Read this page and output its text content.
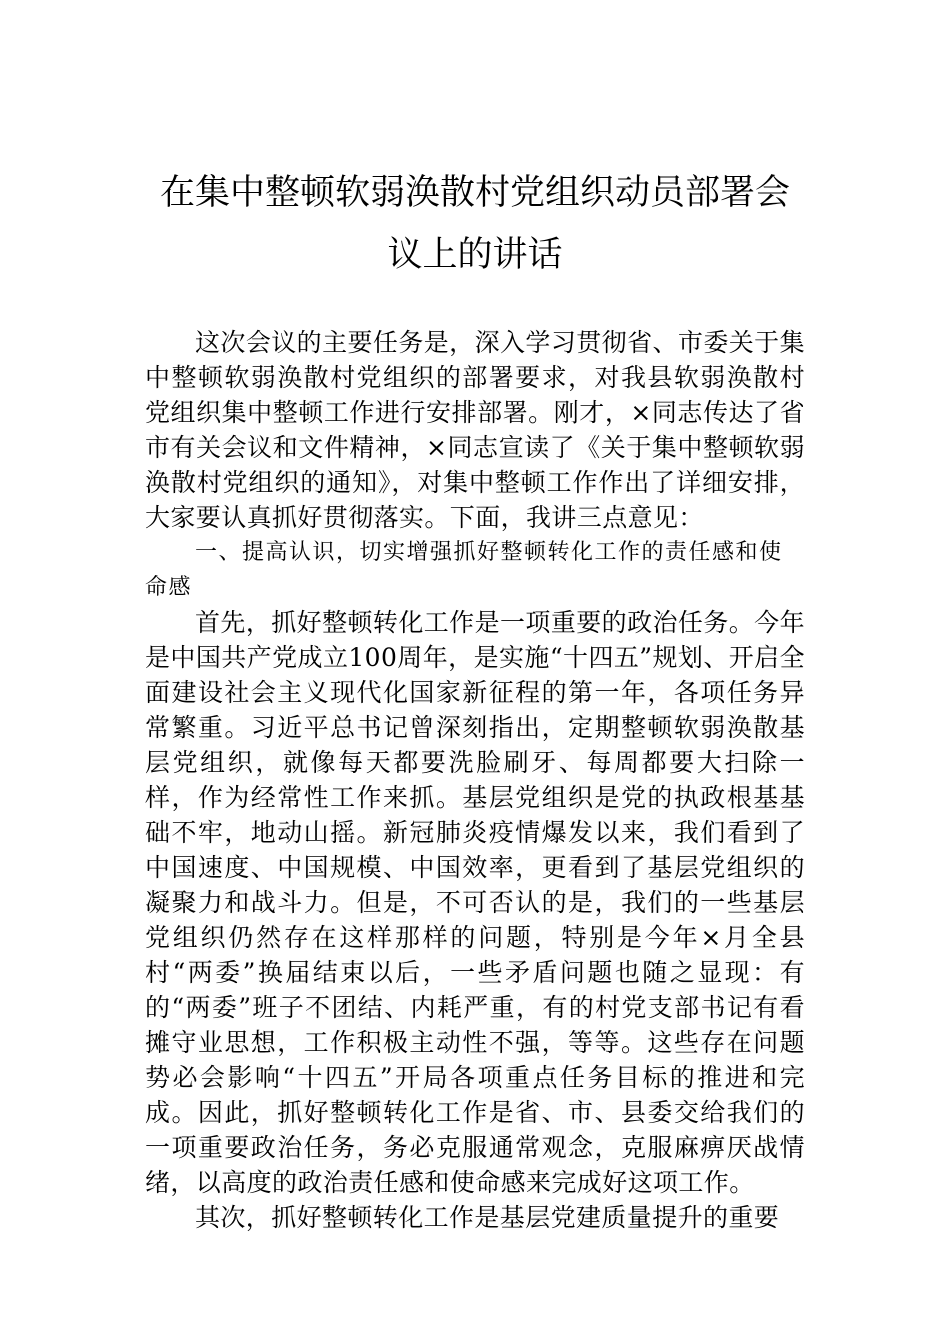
在集中整顿软弱涣散村党组织动员部署会
议上的讲话

这次会议的主要任务是，深入学习贯彻省、市委关于集中整顿软弱涣散村党组织的部署要求，对我县软弱涣散村党组织集中整顿工作进行安排部署。刚才，×同志传达了省市有关会议和文件精神，×同志宣读了《关于集中整顿软弱涣散村党组织的通知》，对集中整顿工作作出了详细安排，大家要认真抓好贯彻落实。下面，我讲三点意见：

一、提高认识，切实增强抓好整顿转化工作的责任感和使命感

首先，抓好整顿转化工作是一项重要的政治任务。今年是中国共产党成立100周年，是实施“十四五”规划、开启全面建设社会主义现代化国家新征程的第一年，各项任务异常繁重。习近平总书记曾深刻指出，定期整顿软弱涣散基层党组织，就像每天都要洗脸刷牙、每周都要大扫除一样，作为经常性工作来抓。基层党组织是党的执政根基基础不牢，地动山摇。新冠肺炎疫情爆发以来，我们看到了中国速度、中国规模、中国效率，更看到了基层党组织的凝聚力和战斗力。但是，不可否认的是，我们的一些基层党组织仍然存在这样那样的问题，特别是今年×月全县村“两委”换届结束以后，一些矛盾问题也随之显现：有的“两委”班子不团结、内耗严重，有的村党支部书记有看摊守业思想，工作积极主动性不强，等等。这些存在问题势必会影响“十四五”开局各项重点任务目标的推进和完成。因此，抓好整顿转化工作是省、市、县委交给我们的一项重要政治任务，务必克服通常观念，克服麻痹厌战情绪，以高度的政治责任感和使命感来完成好这项工作。

其次，抓好整顿转化工作是基层党建质量提升的重要
